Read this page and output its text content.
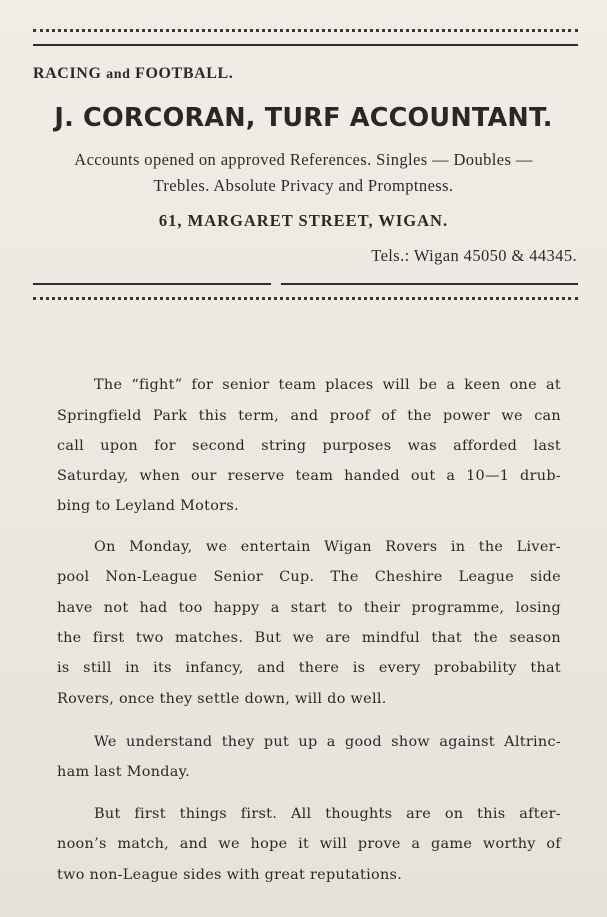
RACING and FOOTBALL.
J. CORCORAN, TURF ACCOUNTANT.
Accounts opened on approved References. Singles — Doubles —
Trebles. Absolute Privacy and Promptness.
61, MARGARET STREET, WIGAN.
Tels.: Wigan 45050 & 44345.
The “fight” for senior team places will be a keen one at
Springfield Park this term, and proof of the power we can
call upon for second string purposes was afforded last
Saturday, when our reserve team handed out a 10—1 drub-
bing to Leyland Motors.
On Monday, we entertain Wigan Rovers in the Liver-
pool Non-League Senior Cup. The Cheshire League side
have not had too happy a start to their programme, losing
the first two matches. But we are mindful that the season
is still in its infancy, and there is every probability that
Rovers, once they settle down, will do well.
We understand they put up a good show against Altrinc-
ham last Monday.
But first things first. All thoughts are on this after-
noon’s match, and we hope it will prove a game worthy of
two non-League sides with great reputations.
